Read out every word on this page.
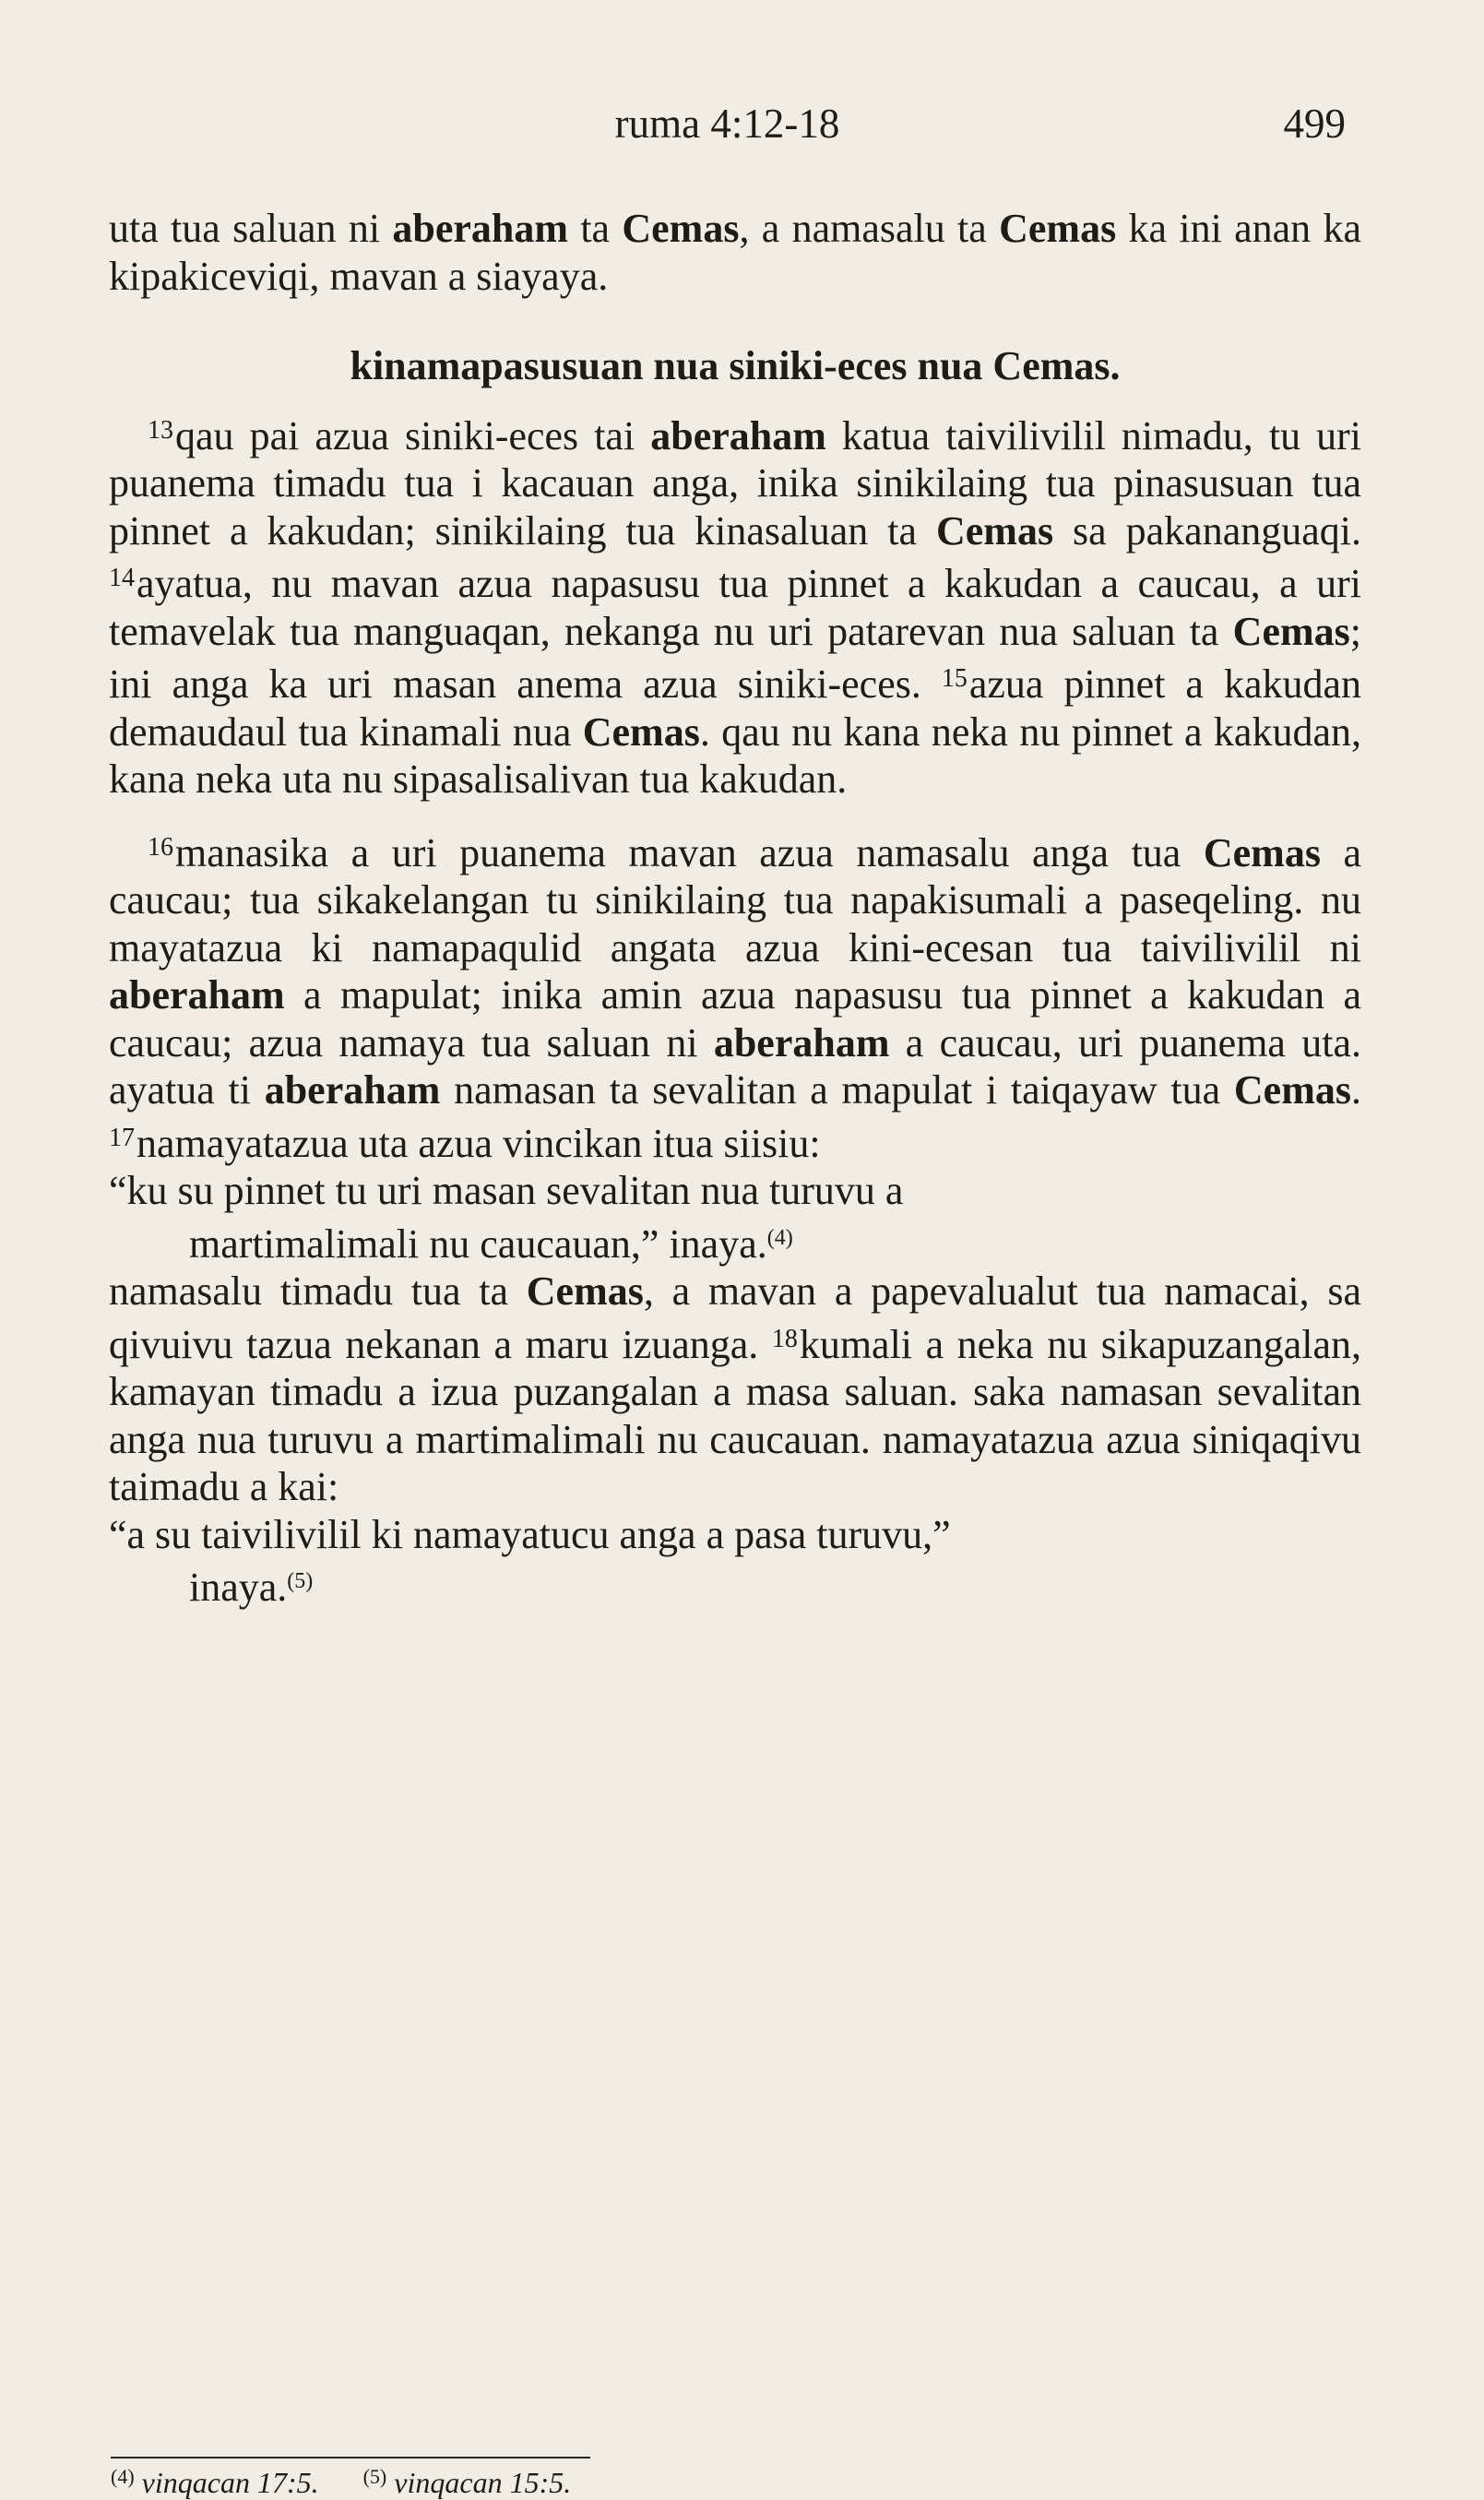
ruma 4:12-18	499

uta tua saluan ni aberaham ta Cemas, a namasalu ta Cemas ka ini anan ka kipakiceviqi, mavan a siayaya.

kinamapasusuan nua siniki-eces nua Cemas.

$^{13}$qau pai azua siniki-eces tai aberaham katua taivilivilil nimadu, tu uri puanema timadu tua i kacauan anga, inika sinikilaing tua pinasusuan tua pinnet a kakudan; sinikilaing tua kinasaluan ta Cemas sa pakananguaqi. $^{14}$ayatua, nu mavan azua napasusu tua pinnet a kakudan a caucau, a uri temavelak tua manguaqan, nekanga nu uri patarevan nua saluan ta Cemas; ini anga ka uri masan anema azua siniki-eces. $^{15}$azua pinnet a kakudan demaudaul tua kinamali nua Cemas. qau nu kana neka nu pinnet a kakudan, kana neka uta nu sipasalisalivan tua kakudan.

$^{16}$manasika a uri puanema mavan azua namasalu anga tua Cemas a caucau; tua sikakelangan tu sinikilaing tua napakisumali a paseqeling. nu mayatazua ki namapaqulid angata azua kini-ecesan tua taivilivilil ni aberaham a mapulat; inika amin azua napasusu tua pinnet a kakudan a caucau; azua namaya tua saluan ni aberaham a caucau, uri puanema uta. ayatua ti aberaham namasan ta sevalitan a mapulat i taiqayaw tua Cemas. $^{17}$namayatazua uta azua vincikan itua siisiu:

“ku su pinnet tu uri masan sevalitan nua turuvu a
martimalimali nu caucauan,” inaya.$^{(4)}$

namasalu timadu tua ta Cemas, a mavan a papevalualut tua namacai, sa qivuivu tazua nekanan a maru izuanga. $^{18}$kumali a neka nu sikapuzangalan, kamayan timadu a izua puzangalan a masa saluan. saka namasan sevalitan anga nua turuvu a martimalimali nu caucauan. namayatazua azua siniqaqivu taimadu a kai:

“a su taivilivilil ki namayatucu anga a pasa turuvu,”
inaya.$^{(5)}$

$^{(4)}$ vinqacan 17:5. $^{(5)}$ vinqacan 15:5.
